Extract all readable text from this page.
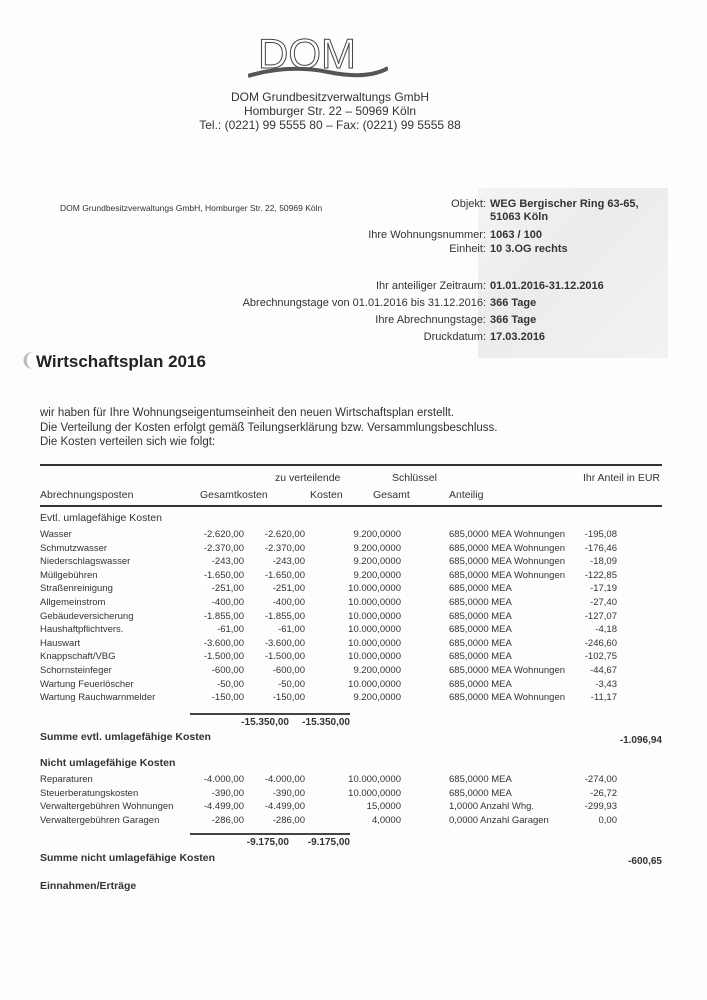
DOM
DOM Grundbesitzverwaltungs GmbH
Homburger Str. 22 – 50969 Köln
Tel.: (0221) 99 5555 80 – Fax: (0221) 99 5555 88
DOM Grundbesitzverwaltungs GmbH, Homburger Str. 22, 50969 Köln	Objekt: WEG Bergischer Ring 63-65,
51063 Köln
Ihre Wohnungsnummer: 1063 / 100
Einheit: 10 3.OG rechts
Ihr anteiliger Zeitraum: 01.01.2016-31.12.2016
Abrechnungstage von 01.01.2016 bis 31.12.2016: 366 Tage
Ihre Abrechnungstage: 366 Tage
Druckdatum: 17.03.2016
❨ Wirtschaftsplan 2016
wir haben für Ihre Wohnungseigentumseinheit den neuen Wirtschaftsplan erstellt.
Die Verteilung der Kosten erfolgt gemäß Teilungserklärung bzw. Versammlungsbeschluss.
Die Kosten verteilen sich wie folgt:
zu verteilende	Schlüssel	Ihr Anteil in EUR
Abrechnungsposten	Gesamtkosten	Kosten	Gesamt	Anteilig
Evtl. umlagefähige Kosten
Wasser	-2.620,00 -2.620,00	9.200,0000	685,0000 MEA Wohnungen -195,08
Schmutzwasser	-2.370,00 -2.370,00	9.200,0000	685,0000 MEA Wohnungen -176,46
Niederschlagswasser	-243,00	-243,00	9.200,0000	685,0000 MEA Wohnungen	-18,09
Müllgebühren	-1.650,00 -1.650,00	9.200,0000	685,0000 MEA Wohnungen -122,85
Straßenreinigung	-251,00	-251,00	10.000,0000	685,0000 MEA	-17,19
Allgemeinstrom	-400,00	-400,00	10.000,0000	685,0000 MEA	-27,40
Gebäudeversicherung	-1.855,00 -1.855,00	10.000,0000	685,0000 MEA	-127,07
Haushaftpflichtvers.	-61,00	-61,00	10.000,0000	685,0000 MEA	-4,18
Hauswart	-3.600,00 -3.600,00	10.000,0000	685,0000 MEA	-246,60
Knappschaft/VBG	-1.500,00 -1.500,00	10.000,0000	685,0000 MEA	-102,75
Schornsteinfeger	-600,00	-600,00	9.200,0000	685,0000 MEA Wohnungen	-44,67
Wartung Feuerlöscher	-50,00	-50,00	10.000,0000	685,0000 MEA	-3,43
Wartung Rauchwarnmelder	-150,00	-150,00	9.200,0000	685,0000 MEA Wohnungen	-11,17
-15.350,00 -15.350,00
Summe evtl. umlagefähige Kosten	-1.096,94
Nicht umlagefähige Kosten
Reparaturen	-4.000,00 -4.000,00	10.000,0000	685,0000 MEA	-274,00
Steuerberatungskosten	-390,00	-390,00	10.000,0000	685,0000 MEA	-26,72
Verwaltergebühren Wohnungen	-4.499,00 -4.499,00	15,0000	1,0000 Anzahl Whg.	-299,93
Verwaltergebühren Garagen	-286,00	-286,00	4,0000	0,0000 Anzahl Garagen	0,00
-9.175,00 -9.175,00
Summe nicht umlagefähige Kosten	-600,65
Einnahmen/Erträge
